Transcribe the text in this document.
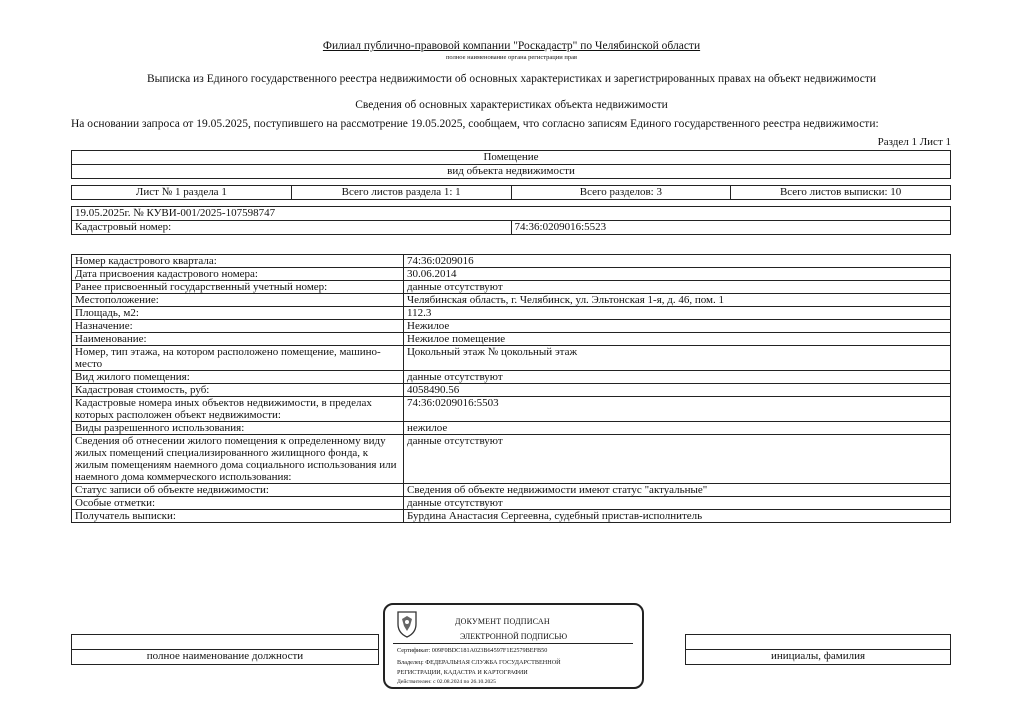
Филиал публично-правовой компании "Роскадастр" по Челябинской области
полное наименование органа регистрации прав
Выписка из Единого государственного реестра недвижимости об основных характеристиках и зарегистрированных правах на объект недвижимости
Сведения об основных характеристиках объекта недвижимости
На основании запроса от 19.05.2025, поступившего на рассмотрение 19.05.2025, сообщаем, что согласно записям Единого государственного реестра недвижимости:
Раздел 1 Лист 1
Помещение
вид объекта недвижимости
Лист № 1 раздела 1	Всего листов раздела 1: 1	Всего разделов: 3	Всего листов выписки: 10
19.05.2025г. № КУВИ-001/2025-107598747
Кадастровый номер:	74:36:0209016:5523
Номер кадастрового квартала:	74:36:0209016
Дата присвоения кадастрового номера:	30.06.2014
Ранее присвоенный государственный учетный номер:	данные отсутствуют
Местоположение:	Челябинская область, г. Челябинск, ул. Эльтонская 1-я, д. 46, пом. 1
Площадь, м2:	112.3
Назначение:	Нежилое
Наименование:	Нежилое помещение
Номер, тип этажа, на котором расположено помещение, машино-место	Цокольный этаж № цокольный этаж
Вид жилого помещения:	данные отсутствуют
Кадастровая стоимость, руб:	4058490.56
Кадастровые номера иных объектов недвижимости, в пределах которых расположен объект недвижимости:	74:36:0209016:5503
Виды разрешенного использования:	нежилое
Сведения об отнесении жилого помещения к определенному виду жилых помещений специализированного жилищного фонда, к жилым помещениям наемного дома социального использования или наемного дома коммерческого использования:	данные отсутствуют
Статус записи об объекте недвижимости:	Сведения об объекте недвижимости имеют статус "актуальные"
Особые отметки:	данные отсутствуют
Получатель выписки:	Бурдина Анастасия Сергеевна, судебный пристав-исполнитель

полное наименование должности		инициалы, фамилия
ДОКУМЕНТ ПОДПИСАН
ЭЛЕКТРОННОЙ ПОДПИСЬЮ
Сертификат: 009F0BDC181A023B64597F1E2579BEFB50
Владелец: ФЕДЕРАЛЬНАЯ СЛУЖБА ГОСУДАРСТВЕННОЙ
РЕГИСТРАЦИИ, КАДАСТРА И КАРТОГРАФИИ
Действителен: с 02.08.2024 по 26.10.2025
